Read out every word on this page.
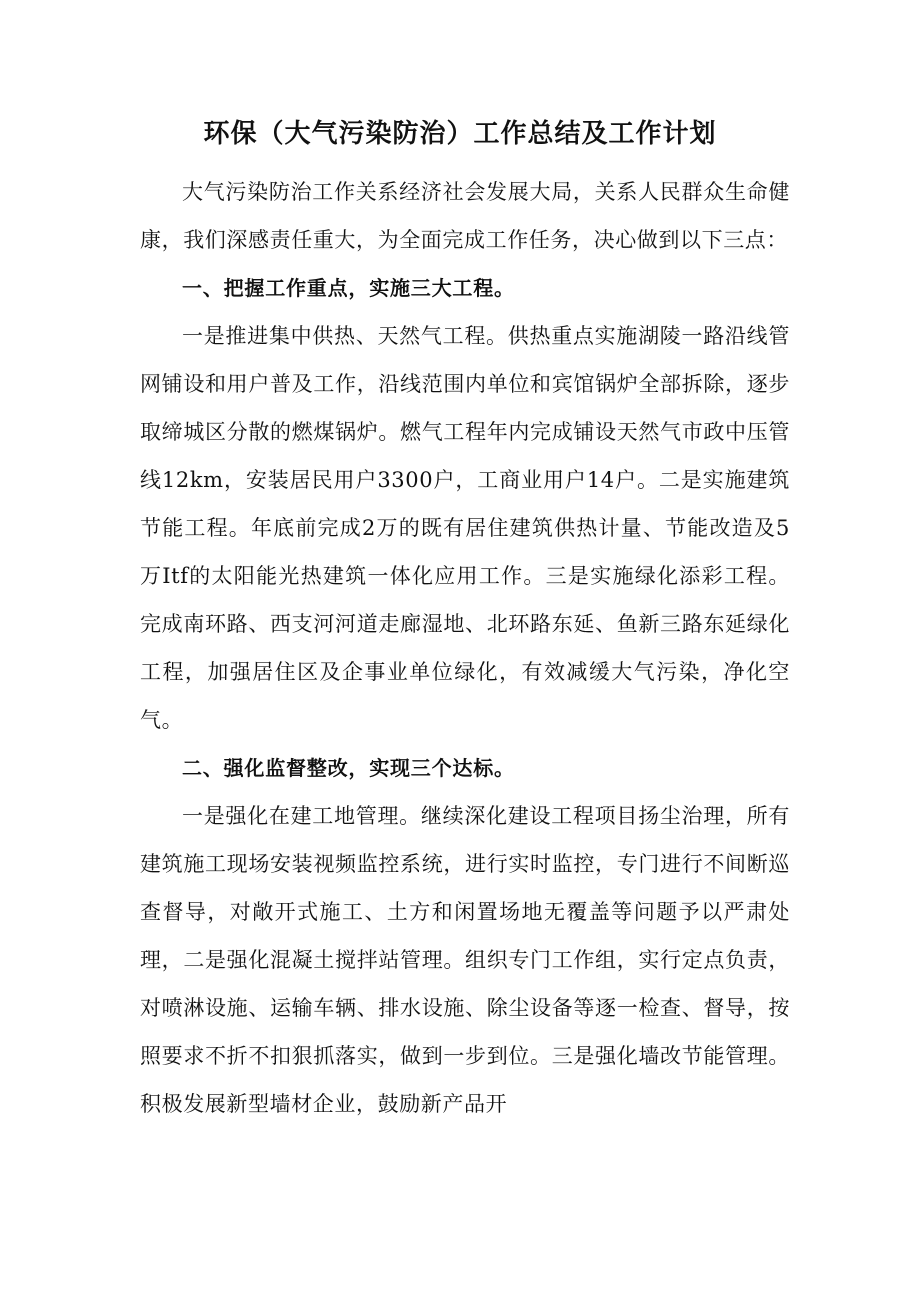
环保（大气污染防治）工作总结及工作计划

大气污染防治工作关系经济社会发展大局，关系人民群众生命健康，我们深感责任重大，为全面完成工作任务，决心做到以下三点：

一、把握工作重点，实施三大工程。

一是推进集中供热、天然气工程。供热重点实施湖陵一路沿线管网铺设和用户普及工作，沿线范围内单位和宾馆锅炉全部拆除，逐步取缔城区分散的燃煤锅炉。燃气工程年内完成铺设天然气市政中压管线12km，安装居民用户3300户，工商业用户14户。二是实施建筑节能工程。年底前完成2万的既有居住建筑供热计量、节能改造及5万Itf的太阳能光热建筑一体化应用工作。三是实施绿化添彩工程。完成南环路、西支河河道走廊湿地、北环路东延、鱼新三路东延绿化工程，加强居住区及企事业单位绿化，有效减缓大气污染，净化空气。

二、强化监督整改，实现三个达标。

一是强化在建工地管理。继续深化建设工程项目扬尘治理，所有建筑施工现场安装视频监控系统，进行实时监控，专门进行不间断巡查督导，对敞开式施工、土方和闲置场地无覆盖等问题予以严肃处理，二是强化混凝土搅拌站管理。组织专门工作组，实行定点负责，对喷淋设施、运输车辆、排水设施、除尘设备等逐一检查、督导，按照要求不折不扣狠抓落实，做到一步到位。三是强化墙改节能管理。积极发展新型墙材企业，鼓励新产品开
